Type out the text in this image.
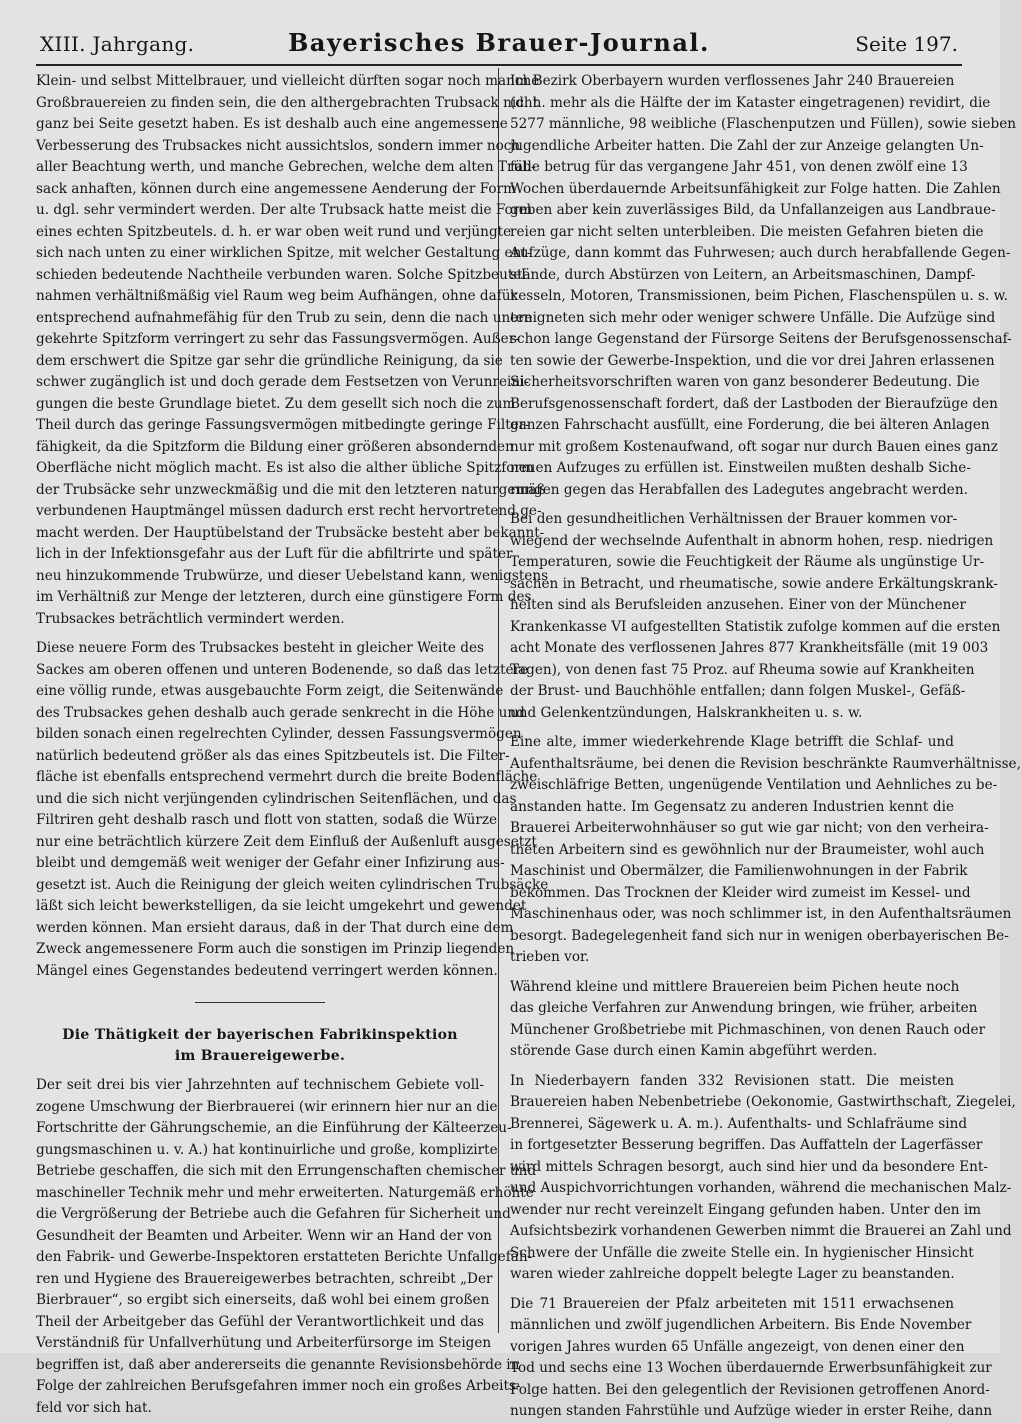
XIII. Jahrgang.	Bayerisches Brauer-Journal.	Seite 197.
Klein- und selbst Mittelbrauer, und vielleicht dürften sogar noch manche
Großbrauereien zu finden sein, die den althergebrachten Trubsack nicht
ganz bei Seite gesetzt haben. Es ist deshalb auch eine angemessene
Verbesserung des Trubsackes nicht aussichtslos, sondern immer noch
aller Beachtung werth, und manche Gebrechen, welche dem alten Trub-
sack anhaften, können durch eine angemessene Aenderung der Form
u. dgl. sehr vermindert werden. Der alte Trubsack hatte meist die Form
eines echten Spitzbeutels. d. h. er war oben weit rund und verjüngte
sich nach unten zu einer wirklichen Spitze, mit welcher Gestaltung ent-
schieden bedeutende Nachtheile verbunden waren. Solche Spitzbeutel
nahmen verhältnißmäßig viel Raum weg beim Aufhängen, ohne dafür
entsprechend aufnahmefähig für den Trub zu sein, denn die nach unten
gekehrte Spitzform verringert zu sehr das Fassungsvermögen. Außer-
dem erschwert die Spitze gar sehr die gründliche Reinigung, da sie
schwer zugänglich ist und doch gerade dem Festsetzen von Verunreini-
gungen die beste Grundlage bietet. Zu dem gesellt sich noch die zum
Theil durch das geringe Fassungsvermögen mitbedingte geringe Filter-
fähigkeit, da die Spitzform die Bildung einer größeren absondernden
Oberfläche nicht möglich macht. Es ist also die alther übliche Spitzform
der Trubsäcke sehr unzweckmäßig und die mit den letzteren naturgemäß
verbundenen Hauptmängel müssen dadurch erst recht hervortretend ge-
macht werden. Der Hauptübelstand der Trubsäcke besteht aber bekannt-
lich in der Infektionsgefahr aus der Luft für die abfiltrirte und später
neu hinzukommende Trubwürze, und dieser Uebelstand kann, wenigstens
im Verhältniß zur Menge der letzteren, durch eine günstigere Form des
Trubsackes beträchtlich vermindert werden.
Diese neuere Form des Trubsackes besteht in gleicher Weite des
Sackes am oberen offenen und unteren Bodenende, so daß das letztere
eine völlig runde, etwas ausgebauchte Form zeigt, die Seitenwände
des Trubsackes gehen deshalb auch gerade senkrecht in die Höhe und
bilden sonach einen regelrechten Cylinder, dessen Fassungsvermögen
natürlich bedeutend größer als das eines Spitzbeutels ist. Die Filter-
fläche ist ebenfalls entsprechend vermehrt durch die breite Bodenfläche
und die sich nicht verjüngenden cylindrischen Seitenflächen, und das
Filtriren geht deshalb rasch und flott von statten, sodaß die Würze
nur eine beträchtlich kürzere Zeit dem Einfluß der Außenluft ausgesetzt
bleibt und demgemäß weit weniger der Gefahr einer Infizirung aus-
gesetzt ist. Auch die Reinigung der gleich weiten cylindrischen Trubsäcke
läßt sich leicht bewerkstelligen, da sie leicht umgekehrt und gewendet
werden können. Man ersieht daraus, daß in der That durch eine dem
Zweck angemessenere Form auch die sonstigen im Prinzip liegenden
Mängel eines Gegenstandes bedeutend verringert werden können.
Die Thätigkeit der bayerischen Fabrikinspektion
im Brauereigewerbe.
Der seit drei bis vier Jahrzehnten auf technischem Gebiete voll-
zogene Umschwung der Bierbrauerei (wir erinnern hier nur an die
Fortschritte der Gährungschemie, an die Einführung der Kälteerzeu-
gungsmaschinen u. v. A.) hat kontinuirliche und große, komplizirte
Betriebe geschaffen, die sich mit den Errungenschaften chemischer und
maschineller Technik mehr und mehr erweiterten. Naturgemäß erhöhte
die Vergrößerung der Betriebe auch die Gefahren für Sicherheit und
Gesundheit der Beamten und Arbeiter. Wenn wir an Hand der von
den Fabrik- und Gewerbe-Inspektoren erstatteten Berichte Unfallgefah-
ren und Hygiene des Brauereigewerbes betrachten, schreibt „Der
Bierbrauer“, so ergibt sich einerseits, daß wohl bei einem großen
Theil der Arbeitgeber das Gefühl der Verantwortlichkeit und das
Verständniß für Unfallverhütung und Arbeiterfürsorge im Steigen
begriffen ist, daß aber andererseits die genannte Revisionsbehörde in
Folge der zahlreichen Berufsgefahren immer noch ein großes Arbeits-
feld vor sich hat.
Im Bezirk Oberbayern wurden verflossenes Jahr 240 Brauereien
(d. h. mehr als die Hälfte der im Kataster eingetragenen) revidirt, die
5277 männliche, 98 weibliche (Flaschenputzen und Füllen), sowie sieben
jugendliche Arbeiter hatten. Die Zahl der zur Anzeige gelangten Un-
fälle betrug für das vergangene Jahr 451, von denen zwölf eine 13
Wochen überdauernde Arbeitsunfähigkeit zur Folge hatten. Die Zahlen
geben aber kein zuverlässiges Bild, da Unfallanzeigen aus Landbraue-
reien gar nicht selten unterbleiben. Die meisten Gefahren bieten die
Aufzüge, dann kommt das Fuhrwesen; auch durch herabfallende Gegen-
stände, durch Abstürzen von Leitern, an Arbeitsmaschinen, Dampf-
kesseln, Motoren, Transmissionen, beim Pichen, Flaschenspülen u. s. w.
ereigneten sich mehr oder weniger schwere Unfälle. Die Aufzüge sind
schon lange Gegenstand der Fürsorge Seitens der Berufsgenossenschaf-
ten sowie der Gewerbe-Inspektion, und die vor drei Jahren erlassenen
Sicherheitsvorschriften waren von ganz besonderer Bedeutung. Die
Berufsgenossenschaft fordert, daß der Lastboden der Bieraufzüge den
ganzen Fahrschacht ausfüllt, eine Forderung, die bei älteren Anlagen
nur mit großem Kostenaufwand, oft sogar nur durch Bauen eines ganz
neuen Aufzuges zu erfüllen ist. Einstweilen mußten deshalb Siche-
rungen gegen das Herabfallen des Ladegutes angebracht werden.
Bei den gesundheitlichen Verhältnissen der Brauer kommen vor-
wiegend der wechselnde Aufenthalt in abnorm hohen, resp. niedrigen
Temperaturen, sowie die Feuchtigkeit der Räume als ungünstige Ur-
sachen in Betracht, und rheumatische, sowie andere Erkältungskrank-
heiten sind als Berufsleiden anzusehen. Einer von der Münchener
Krankenkasse VI aufgestellten Statistik zufolge kommen auf die ersten
acht Monate des verflossenen Jahres 877 Krankheitsfälle (mit 19 003
Tagen), von denen fast 75 Proz. auf Rheuma sowie auf Krankheiten
der Brust- und Bauchhöhle entfallen; dann folgen Muskel-, Gefäß-
und Gelenkentzündungen, Halskrankheiten u. s. w.
Eine alte, immer wiederkehrende Klage betrifft die Schlaf- und
Aufenthaltsräume, bei denen die Revision beschränkte Raumverhältnisse,
zweischläfrige Betten, ungenügende Ventilation und Aehnliches zu be-
anstanden hatte. Im Gegensatz zu anderen Industrien kennt die
Brauerei Arbeiterwohnhäuser so gut wie gar nicht; von den verheira-
theten Arbeitern sind es gewöhnlich nur der Braumeister, wohl auch
Maschinist und Obermälzer, die Familienwohnungen in der Fabrik
bekommen. Das Trocknen der Kleider wird zumeist im Kessel- und
Maschinenhaus oder, was noch schlimmer ist, in den Aufenthaltsräumen
besorgt. Badegelegenheit fand sich nur in wenigen oberbayerischen Be-
trieben vor.
Während kleine und mittlere Brauereien beim Pichen heute noch
das gleiche Verfahren zur Anwendung bringen, wie früher, arbeiten
Münchener Großbetriebe mit Pichmaschinen, von denen Rauch oder
störende Gase durch einen Kamin abgeführt werden.
In Niederbayern fanden 332 Revisionen statt. Die meisten
Brauereien haben Nebenbetriebe (Oekonomie, Gastwirthschaft, Ziegelei,
Brennerei, Sägewerk u. A. m.). Aufenthalts- und Schlafräume sind
in fortgesetzter Besserung begriffen. Das Auffatteln der Lagerfässer
wird mittels Schragen besorgt, auch sind hier und da besondere Ent-
und Auspichvorrichtungen vorhanden, während die mechanischen Malz-
wender nur recht vereinzelt Eingang gefunden haben. Unter den im
Aufsichtsbezirk vorhandenen Gewerben nimmt die Brauerei an Zahl und
Schwere der Unfälle die zweite Stelle ein. In hygienischer Hinsicht
waren wieder zahlreiche doppelt belegte Lager zu beanstanden.
Die 71 Brauereien der Pfalz arbeiteten mit 1511 erwachsenen
männlichen und zwölf jugendlichen Arbeitern. Bis Ende November
vorigen Jahres wurden 65 Unfälle angezeigt, von denen einer den
Tod und sechs eine 13 Wochen überdauernde Erwerbsunfähigkeit zur
Folge hatten. Bei den gelegentlich der Revisionen getroffenen Anord-
nungen standen Fahrstühle und Aufzüge wieder in erster Reihe, dann
